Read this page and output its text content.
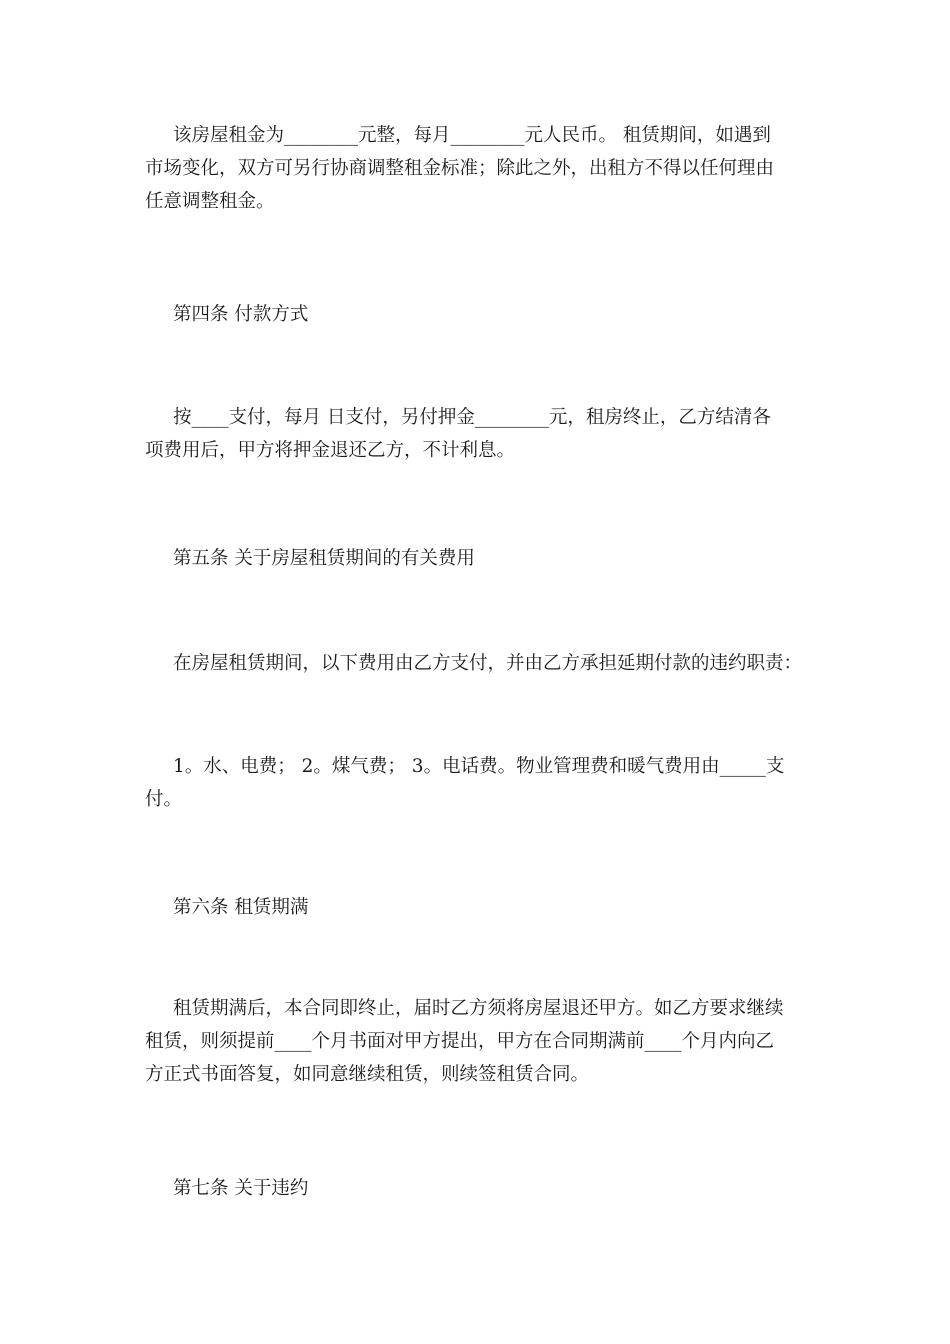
该房屋租金为________元整，每月________元人民币。 租赁期间，如遇到
市场变化，双方可另行协商调整租金标准；除此之外，出租方不得以任何理由
任意调整租金。
第四条 付款方式
按____支付，每月 日支付，另付押金________元，租房终止，乙方结清各
项费用后，甲方将押金退还乙方，不计利息。
第五条 关于房屋租赁期间的有关费用
在房屋租赁期间，以下费用由乙方支付，并由乙方承担延期付款的违约职责：
1。水、电费； 2。煤气费； 3。电话费。物业管理费和暖气费用由_____支
付。
第六条 租赁期满
租赁期满后，本合同即终止，届时乙方须将房屋退还甲方。如乙方要求继续
租赁，则须提前____个月书面对甲方提出，甲方在合同期满前____个月内向乙
方正式书面答复，如同意继续租赁，则续签租赁合同。
第七条 关于违约
